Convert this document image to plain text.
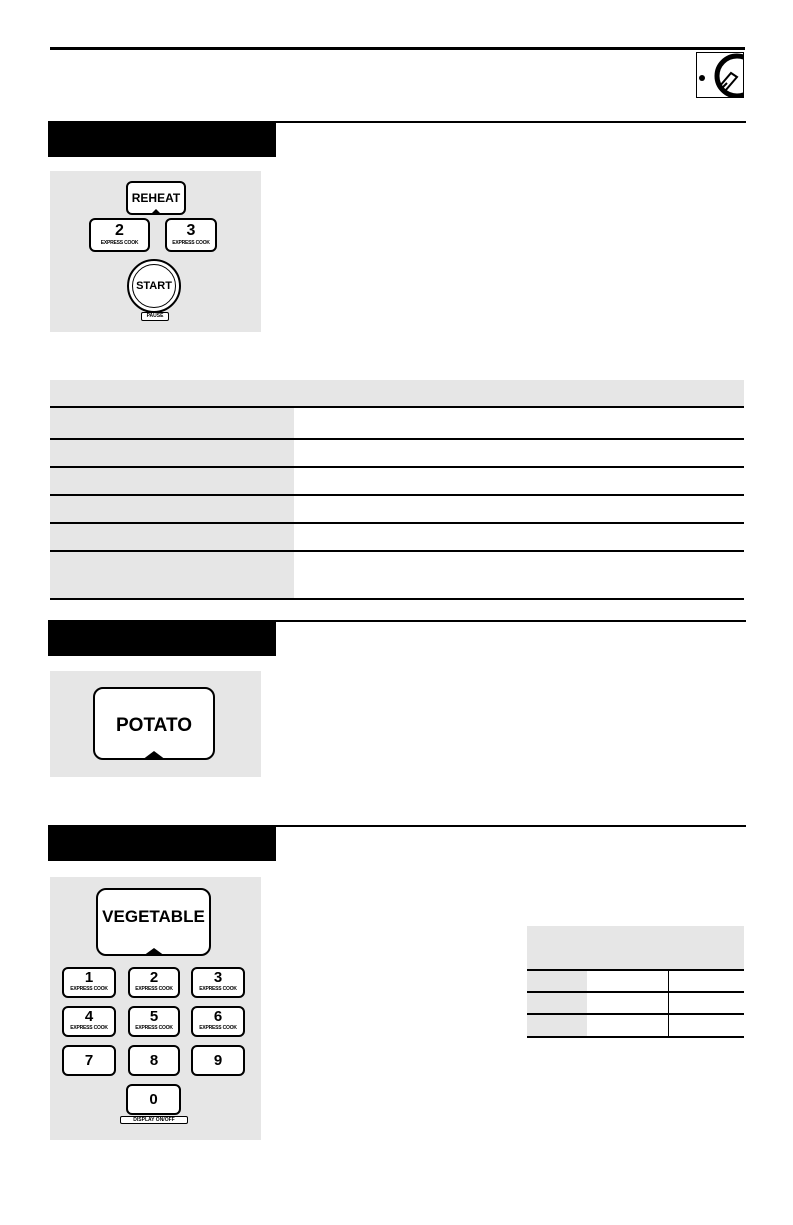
REHEAT
2
EXPRESS COOK
3
EXPRESS COOK
START
PAUSE
POTATO
VEGETABLE
1
EXPRESS COOK
2
EXPRESS COOK
3
EXPRESS COOK
4
EXPRESS COOK
5
EXPRESS COOK
6
EXPRESS COOK
7	8	9
0
DISPLAY ON/OFF
